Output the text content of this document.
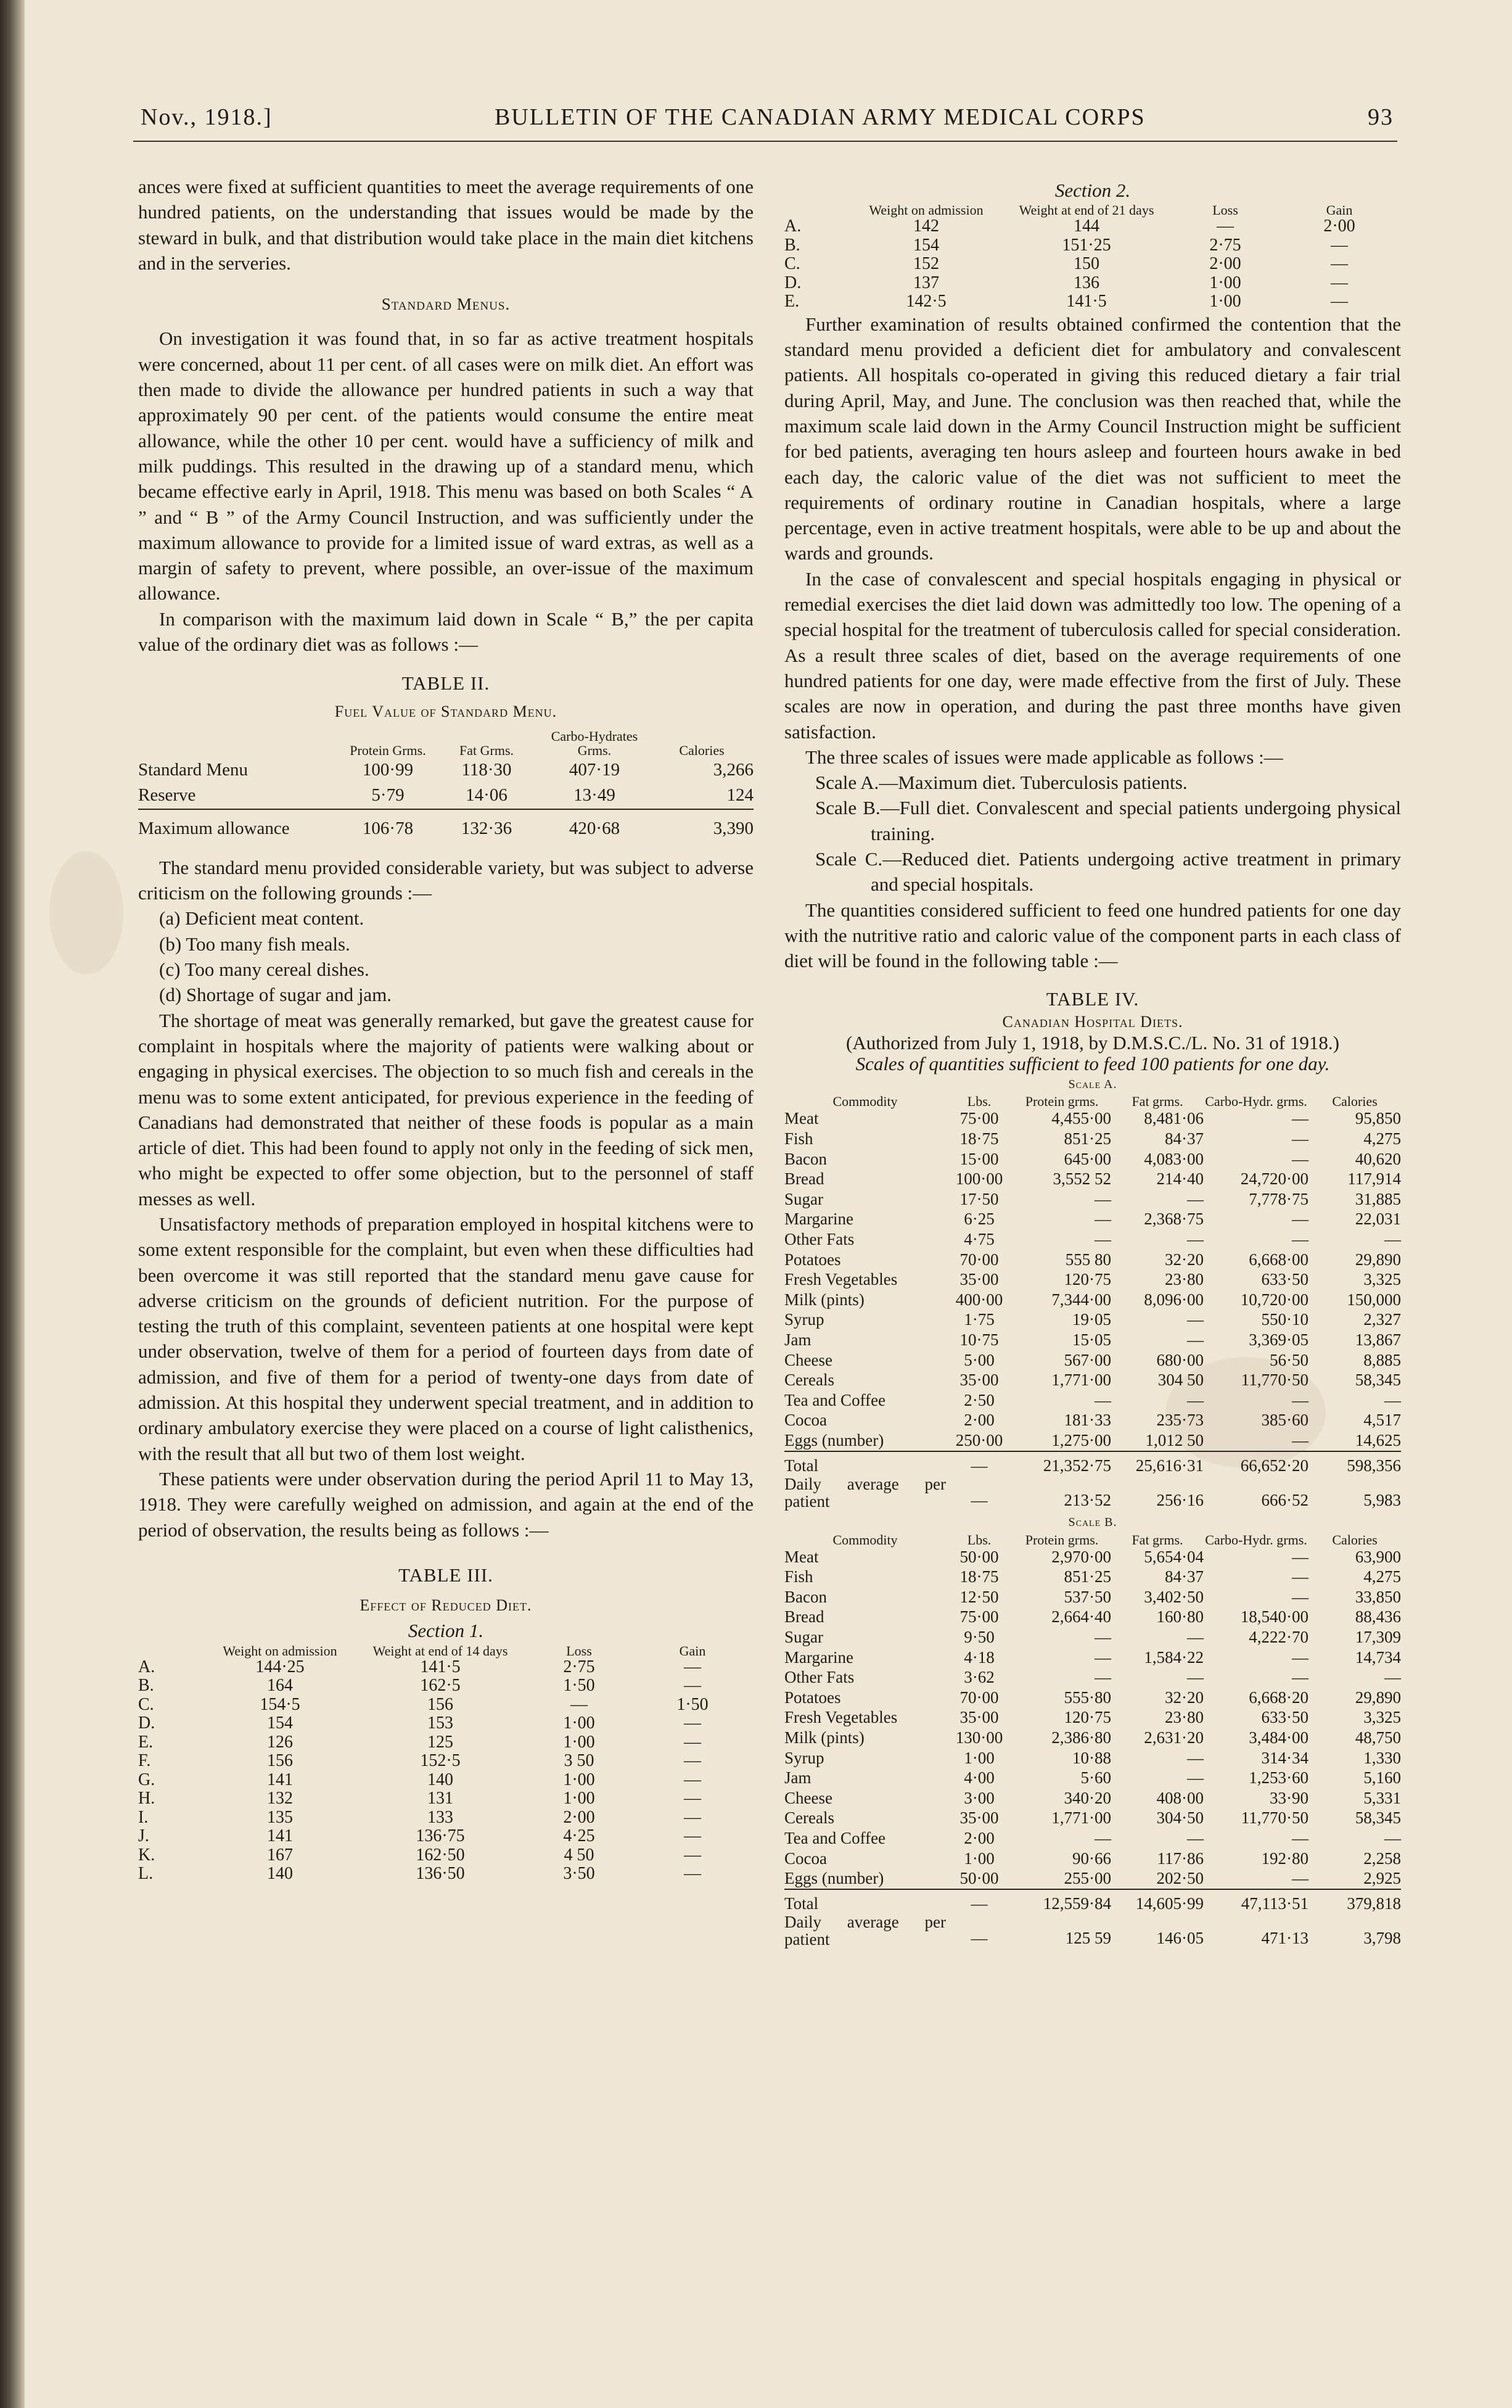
Nov., 1918.]	BULLETIN OF THE CANADIAN ARMY MEDICAL CORPS	93

ances were fixed at sufficient quantities to meet the average requirements of one hundred patients, on the understanding that issues would be made by the steward in bulk, and that distribution would take place in the main diet kitchens and in the serveries.

Standard Menus.

On investigation it was found that, in so far as active treatment hospitals were concerned, about 11 per cent. of all cases were on milk diet. An effort was then made to divide the allowance per hundred patients in such a way that approximately 90 per cent. of the patients would consume the entire meat allowance, while the other 10 per cent. would have a sufficiency of milk and milk puddings. This resulted in the drawing up of a standard menu, which became effective early in April, 1918. This menu was based on both Scales “ A ” and “ B ” of the Army Council Instruction, and was sufficiently under the maximum allowance to provide for a limited issue of ward extras, as well as a margin of safety to prevent, where possible, an over-issue of the maximum allowance.

In comparison with the maximum laid down in Scale “ B,” the per capita value of the ordinary diet was as follows :—

TABLE II.

Fuel Value of Standard Menu.

	Protein Grms.	Fat Grms.	Carbo-Hydrates Grms.	Calories
Standard Menu	100·99	118·30	407·19	3,266
Reserve	5·79	14·06	13·49	124
Maximum allowance	106·78	132·36	420·68	3,390

The standard menu provided considerable variety, but was subject to adverse criticism on the following grounds :—

(a) Deficient meat content.

(b) Too many fish meals.

(c) Too many cereal dishes.

(d) Shortage of sugar and jam.

The shortage of meat was generally remarked, but gave the greatest cause for complaint in hospitals where the majority of patients were walking about or engaging in physical exercises. The objection to so much fish and cereals in the menu was to some extent anticipated, for previous experience in the feeding of Canadians had demonstrated that neither of these foods is popular as a main article of diet. This had been found to apply not only in the feeding of sick men, who might be expected to offer some objection, but to the personnel of staff messes as well.

Unsatisfactory methods of preparation employed in hospital kitchens were to some extent responsible for the complaint, but even when these difficulties had been overcome it was still reported that the standard menu gave cause for adverse criticism on the grounds of deficient nutrition. For the purpose of testing the truth of this complaint, seventeen patients at one hospital were kept under observation, twelve of them for a period of fourteen days from date of admission, and five of them for a period of twenty-one days from date of admission. At this hospital they underwent special treatment, and in addition to ordinary ambulatory exercise they were placed on a course of light calisthenics, with the result that all but two of them lost weight.

These patients were under observation during the period April 11 to May 13, 1918. They were carefully weighed on admission, and again at the end of the period of observation, the results being as follows :—

TABLE III.

Effect of Reduced Diet.

Section 1.

	Weight on admission	Weight at end of 14 days	Loss	Gain
A.	144·25	141·5	2·75	—
B.	164	162·5	1·50	—
C.	154·5	156	—	1·50
D.	154	153	1·00	—
E.	126	125	1·00	—
F.	156	152·5	3 50	—
G.	141	140	1·00	—
H.	132	131	1·00	—
I.	135	133	2·00	—
J.	141	136·75	4·25	—
K.	167	162·50	4 50	—
L.	140	136·50	3·50	—

Section 2.

	Weight on admission	Weight at end of 21 days	Loss	Gain
A.	142	144	—	2·00
B.	154	151·25	2·75	—
C.	152	150	2·00	—
D.	137	136	1·00	—
E.	142·5	141·5	1·00	—

Further examination of results obtained confirmed the contention that the standard menu provided a deficient diet for ambulatory and convalescent patients. All hospitals co-operated in giving this reduced dietary a fair trial during April, May, and June. The conclusion was then reached that, while the maximum scale laid down in the Army Council Instruction might be sufficient for bed patients, averaging ten hours asleep and fourteen hours awake in bed each day, the caloric value of the diet was not sufficient to meet the requirements of ordinary routine in Canadian hospitals, where a large percentage, even in active treatment hospitals, were able to be up and about the wards and grounds.

In the case of convalescent and special hospitals engaging in physical or remedial exercises the diet laid down was admittedly too low. The opening of a special hospital for the treatment of tuberculosis called for special consideration. As a result three scales of diet, based on the average requirements of one hundred patients for one day, were made effective from the first of July. These scales are now in operation, and during the past three months have given satisfaction.

The three scales of issues were made applicable as follows :—

Scale A.—Maximum diet. Tuberculosis patients.

Scale B.—Full diet. Convalescent and special patients undergoing physical training.

Scale C.—Reduced diet. Patients undergoing active treatment in primary and special hospitals.

The quantities considered sufficient to feed one hundred patients for one day with the nutritive ratio and caloric value of the component parts in each class of diet will be found in the following table :—

TABLE IV.

Canadian Hospital Diets.

(Authorized from July 1, 1918, by D.M.S.C./L. No. 31 of 1918.)

Scales of quantities sufficient to feed 100 patients for one day.

Scale A.					
Commodity	Lbs.	Protein grms.	Fat grms.	Carbo-Hydr. grms.	Calories
Meat	75·00	4,455·00	8,481·06	—	95,850
Fish	18·75	851·25	84·37	—	4,275
Bacon	15·00	645·00	4,083·00	—	40,620
Bread	100·00	3,552 52	214·40	24,720·00	117,914
Sugar	17·50	—	—	7,778·75	31,885
Margarine	6·25	—	2,368·75	—	22,031
Other Fats	4·75	—	—	—	—
Potatoes	70·00	555 80	32·20	6,668·00	29,890
Fresh Vegetables	35·00	120·75	23·80	633·50	3,325
Milk (pints)	400·00	7,344·00	8,096·00	10,720·00	150,000
Syrup	1·75	19·05	—	550·10	2,327
Jam	10·75	15·05	—	3,369·05	13,867
Cheese	5·00	567·00	680·00	56·50	8,885
Cereals	35·00	1,771·00	304 50	11,770·50	58,345
Tea and Coffee	2·50	—	—	—	—
Cocoa	2·00	181·33	235·73	385·60	4,517
Eggs (number)	250·00	1,275·00	1,012 50	—	14,625
Total	—	21,352·75	25,616·31	66,652·20	598,356
Daily average per patient	—	213·52	256·16	666·52	5,983
Scale B.					
Commodity	Lbs.	Protein grms.	Fat grms.	Carbo-Hydr. grms.	Calories
Meat	50·00	2,970·00	5,654·04	—	63,900
Fish	18·75	851·25	84·37	—	4,275
Bacon	12·50	537·50	3,402·50	—	33,850
Bread	75·00	2,664·40	160·80	18,540·00	88,436
Sugar	9·50	—	—	4,222·70	17,309
Margarine	4·18	—	1,584·22	—	14,734
Other Fats	3·62	—	—	—	—
Potatoes	70·00	555·80	32·20	6,668·20	29,890
Fresh Vegetables	35·00	120·75	23·80	633·50	3,325
Milk (pints)	130·00	2,386·80	2,631·20	3,484·00	48,750
Syrup	1·00	10·88	—	314·34	1,330
Jam	4·00	5·60	—	1,253·60	5,160
Cheese	3·00	340·20	408·00	33·90	5,331
Cereals	35·00	1,771·00	304·50	11,770·50	58,345
Tea and Coffee	2·00	—	—	—	—
Cocoa	1·00	90·66	117·86	192·80	2,258
Eggs (number)	50·00	255·00	202·50	—	2,925
Total	—	12,559·84	14,605·99	47,113·51	379,818
Daily average per patient	—	125 59	146·05	471·13	3,798
